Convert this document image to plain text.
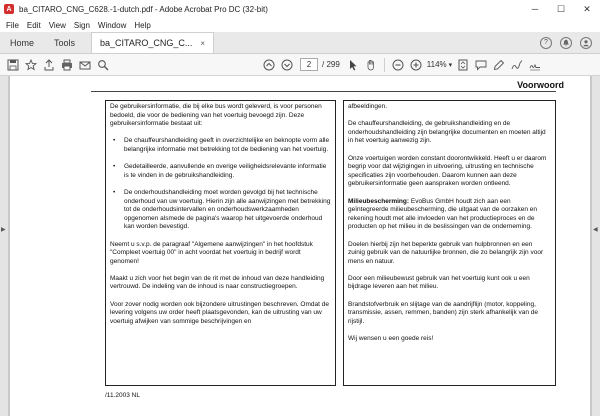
A ba_CITARO_CNG_C628.-1-dutch.pdf - Adobe Acrobat Pro DC (32-bit)	─	☐	✕
File	Edit	View	Sign	Window	Help
Home	Tools	ba_CITARO_CNG_C... ×	?
2	/ 299	114% ▾
▶	◀
Voorwoord

De gebruikersinformatie, die bij elke bus wordt geleverd, is voor personen bedoeld, die voor de bediening van het voertuig bevoegd zijn. Deze gebruikersinformatie bestaat uit:

•	De chauffeurshandleiding geeft in overzichtelijke en beknopte vorm alle belangrijke informatie met betrekking tot de bediening van het voertuig.
•	Gedetailleerde, aanvullende en overige veiligheidsrelevante informatie is te vinden in de gebruikshandleiding.
•	De onderhoudshandleiding moet worden gevolgd bij het technische onderhoud van uw voertuig. Hierin zijn alle aanwijzingen met betrekking tot de onderhoudsintervallen en onderhoudswerkzaamheden opgenomen alsmede de pagina's waarop het uitgevoerde onderhoud kan worden bevestigd.

Neemt u s.v.p. de paragraaf "Algemene aanwijzingen" in het hoofdstuk "Compleet voertuig 00" in acht voordat het voertuig in bedrijf wordt genomen!

Maakt u zich voor het begin van de rit met de inhoud van deze handleiding vertrouwd. De indeling van de inhoud is naar constructiegroepen.

Voor zover nodig worden ook bijzondere uitrustingen beschreven. Omdat de levering volgens uw order heeft plaatsgevonden, kan de uitrusting van uw voertuig afwijken van sommige beschrijvingen en

afbeeldingen.

De chauffeurshandleiding, de gebruikshandleiding en de onderhoudshandleiding zijn belangrijke documenten en moeten altijd in het voertuig aanwezig zijn.

Onze voertuigen worden constant doorontwikkeld. Heeft u er daarom begrip voor dat wijzigingen in uitvoering, uitrusting en technische specificaties zijn voorbehouden. Daarom kunnen aan deze gebruikersinformatie geen aanspraken worden ontleend.

Milieubescherming: EvoBus GmbH houdt zich aan een geïntegreerde milieubescherming, die uitgaat van de oorzaken en rekening houdt met alle invloeden van het productieproces en de producten op het milieu in de beslissingen van de onderneming.

Doelen hierbij zijn het beperkte gebruik van hulpbronnen en een zuinig gebruik van de natuurlijke bronnen, die zo belangrijk zijn voor mens en natuur.

Door een milieubewust gebruik van het voertuig kunt ook u een bijdrage leveren aan het milieu.

Brandstofverbruik en slijtage van de aandrijflijn (motor, koppeling, transmissie, assen, remmen, banden) zijn sterk afhankelijk van de rijstijl.

Wij wensen u een goede reis!

/11.2003 NL
